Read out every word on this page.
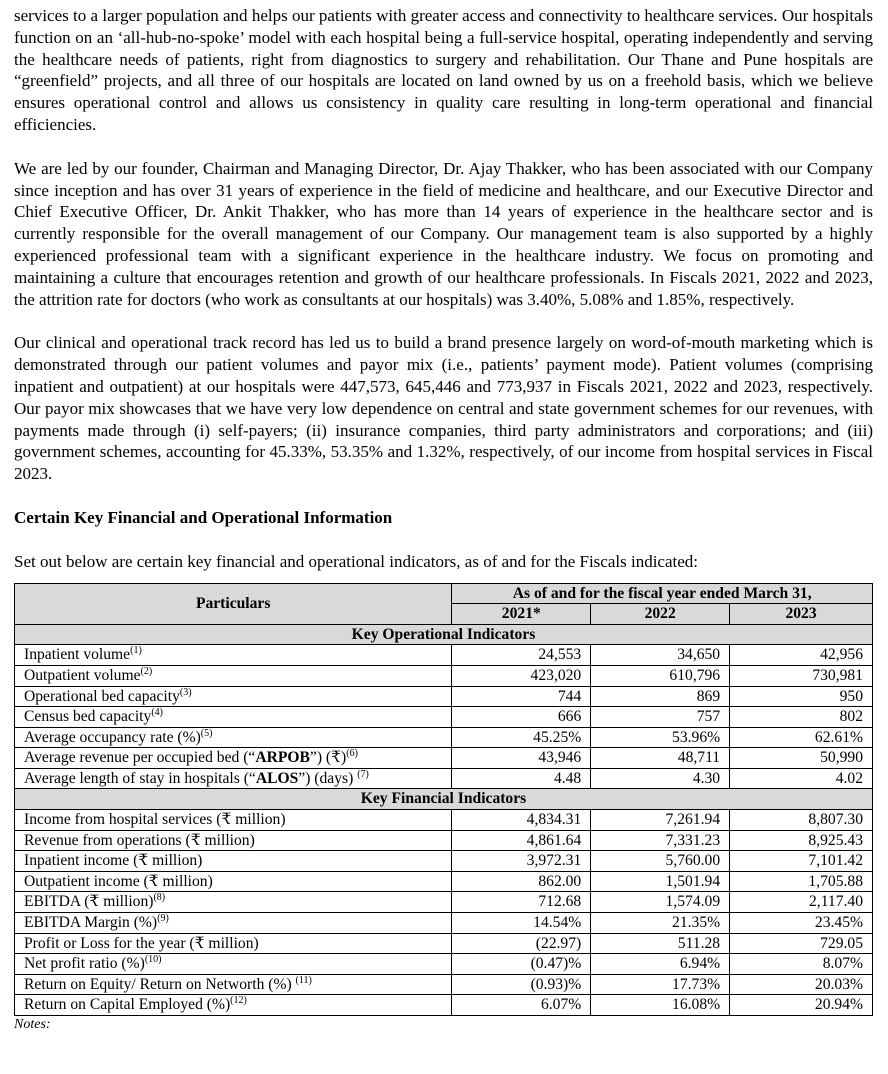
services to a larger population and helps our patients with greater access and connectivity to healthcare services. Our hospitals function on an ‘all-hub-no-spoke’ model with each hospital being a full-service hospital, operating independently and serving the healthcare needs of patients, right from diagnostics to surgery and rehabilitation. Our Thane and Pune hospitals are “greenfield” projects, and all three of our hospitals are located on land owned by us on a freehold basis, which we believe ensures operational control and allows us consistency in quality care resulting in long-term operational and financial efficiencies.

We are led by our founder, Chairman and Managing Director, Dr. Ajay Thakker, who has been associated with our Company since inception and has over 31 years of experience in the field of medicine and healthcare, and our Executive Director and Chief Executive Officer, Dr. Ankit Thakker, who has more than 14 years of experience in the healthcare sector and is currently responsible for the overall management of our Company. Our management team is also supported by a highly experienced professional team with a significant experience in the healthcare industry. We focus on promoting and maintaining a culture that encourages retention and growth of our healthcare professionals. In Fiscals 2021, 2022 and 2023, the attrition rate for doctors (who work as consultants at our hospitals) was 3.40%, 5.08% and 1.85%, respectively.

Our clinical and operational track record has led us to build a brand presence largely on word-of-mouth marketing which is demonstrated through our patient volumes and payor mix (i.e., patients’ payment mode). Patient volumes (comprising inpatient and outpatient) at our hospitals were 447,573, 645,446 and 773,937 in Fiscals 2021, 2022 and 2023, respectively. Our payor mix showcases that we have very low dependence on central and state government schemes for our revenues, with payments made through (i) self-payers; (ii) insurance companies, third party administrators and corporations; and (iii) government schemes, accounting for 45.33%, 53.35% and 1.32%, respectively, of our income from hospital services in Fiscal 2023.

Certain Key Financial and Operational Information

Set out below are certain key financial and operational indicators, as of and for the Fiscals indicated:

Particulars	As of and for the fiscal year ended March 31,		
	2021*	2022	2023
Key Operational Indicators			
Inpatient volume$^{(1)}$	24,553	34,650	42,956
Outpatient volume$^{(2)}$	423,020	610,796	730,981
Operational bed capacity$^{(3)}$	744	869	950
Census bed capacity$^{(4)}$	666	757	802
Average occupancy rate (%)$^{(5)}$	45.25%	53.96%	62.61%
Average revenue per occupied bed (“ARPOB”) (₹)$^{(6)}$	43,946	48,711	50,990
Average length of stay in hospitals (“ALOS”) (days) $^{(7)}$	4.48	4.30	4.02
Key Financial Indicators			
Income from hospital services (₹ million)	4,834.31	7,261.94	8,807.30
Revenue from operations (₹ million)	4,861.64	7,331.23	8,925.43
Inpatient income (₹ million)	3,972.31	5,760.00	7,101.42
Outpatient income (₹ million)	862.00	1,501.94	1,705.88
EBITDA (₹ million)$^{(8)}$	712.68	1,574.09	2,117.40
EBITDA Margin (%)$^{(9)}$	14.54%	21.35%	23.45%
Profit or Loss for the year (₹ million)	(22.97)	511.28	729.05
Net profit ratio (%)$^{(10)}$	(0.47)%	6.94%	8.07%
Return on Equity/ Return on Networth (%) $^{(11)}$	(0.93)%	17.73%	20.03%
Return on Capital Employed (%)$^{(12)}$	6.07%	16.08%	20.94%
Notes:
